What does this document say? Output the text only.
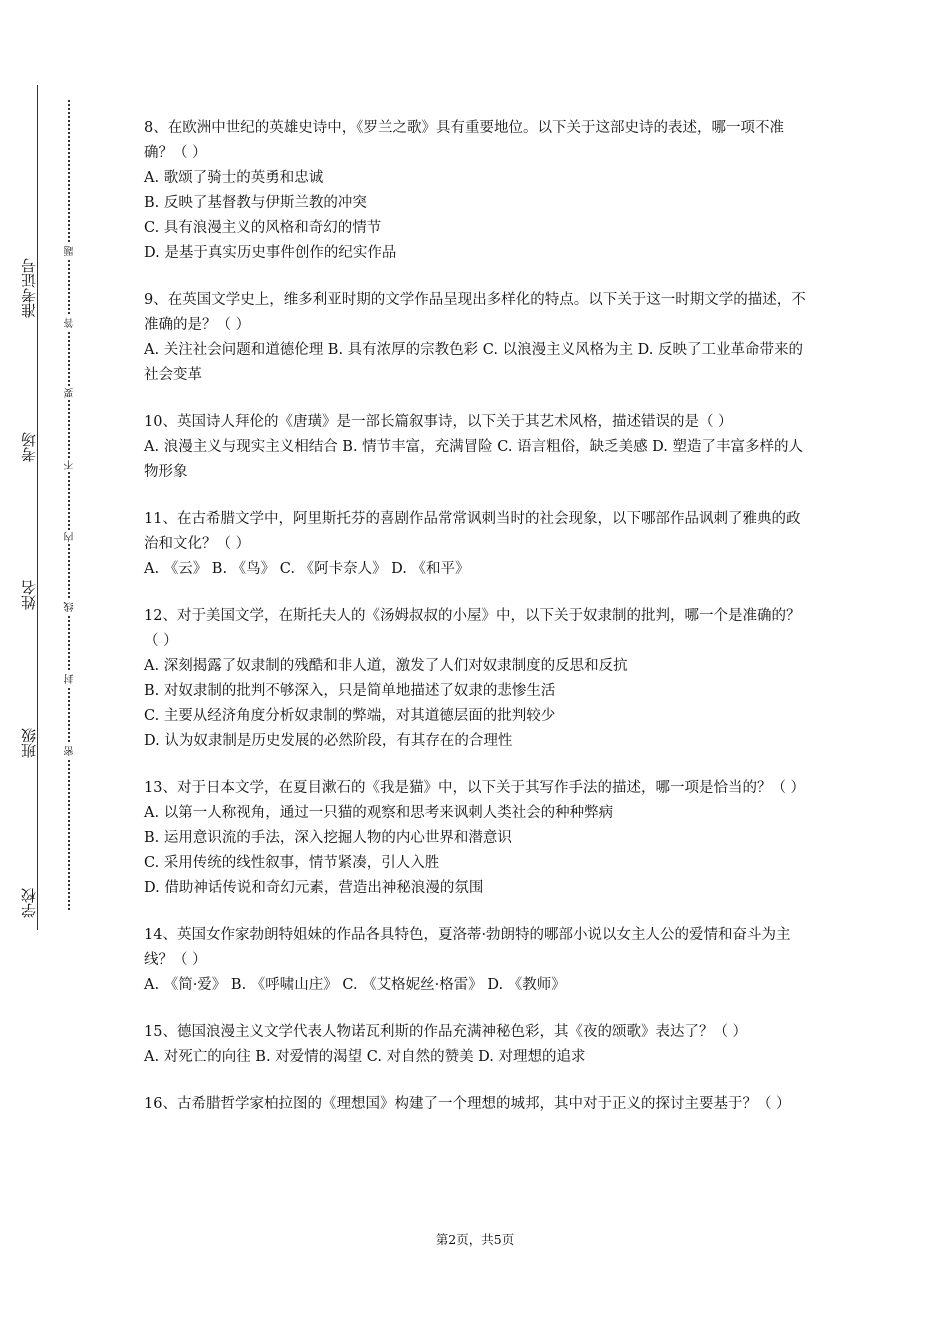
准考证号
考场
姓名
班级
学校
题
答
要
不
内
线
封
密
8、在欧洲中世纪的英雄史诗中，《罗兰之歌》具有重要地位。以下关于这部史诗的表述，哪一项不准确？（ ）
A. 歌颂了骑士的英勇和忠诚
B. 反映了基督教与伊斯兰教的冲突
C. 具有浪漫主义的风格和奇幻的情节
D. 是基于真实历史事件创作的纪实作品
9、在英国文学史上，维多利亚时期的文学作品呈现出多样化的特点。以下关于这一时期文学的描述，不准确的是？（ ）
A. 关注社会问题和道德伦理 B. 具有浓厚的宗教色彩 C. 以浪漫主义风格为主 D. 反映了工业革命带来的社会变革
10、英国诗人拜伦的《唐璜》是一部长篇叙事诗，以下关于其艺术风格，描述错误的是（ ）
A. 浪漫主义与现实主义相结合 B. 情节丰富，充满冒险 C. 语言粗俗，缺乏美感 D. 塑造了丰富多样的人物形象
11、在古希腊文学中，阿里斯托芬的喜剧作品常常讽刺当时的社会现象，以下哪部作品讽刺了雅典的政治和文化？（ ）
A. 《云》 B. 《鸟》 C. 《阿卡奈人》 D. 《和平》
12、对于美国文学，在斯托夫人的《汤姆叔叔的小屋》中，以下关于奴隶制的批判，哪一个是准确的？（ ）
A. 深刻揭露了奴隶制的残酷和非人道，激发了人们对奴隶制度的反思和反抗
B. 对奴隶制的批判不够深入，只是简单地描述了奴隶的悲惨生活
C. 主要从经济角度分析奴隶制的弊端，对其道德层面的批判较少
D. 认为奴隶制是历史发展的必然阶段，有其存在的合理性
13、对于日本文学，在夏目漱石的《我是猫》中，以下关于其写作手法的描述，哪一项是恰当的？（ ）
A. 以第一人称视角，通过一只猫的观察和思考来讽刺人类社会的种种弊病
B. 运用意识流的手法，深入挖掘人物的内心世界和潜意识
C. 采用传统的线性叙事，情节紧凑，引人入胜
D. 借助神话传说和奇幻元素，营造出神秘浪漫的氛围
14、英国女作家勃朗特姐妹的作品各具特色，夏洛蒂·勃朗特的哪部小说以女主人公的爱情和奋斗为主线？（ ）
A. 《简·爱》 B. 《呼啸山庄》 C. 《艾格妮丝·格雷》 D. 《教师》
15、德国浪漫主义文学代表人物诺瓦利斯的作品充满神秘色彩，其《夜的颂歌》表达了？（ ）
A. 对死亡的向往 B. 对爱情的渴望 C. 对自然的赞美 D. 对理想的追求
16、古希腊哲学家柏拉图的《理想国》构建了一个理想的城邦，其中对于正义的探讨主要基于？（ ）
第2页，共5页
